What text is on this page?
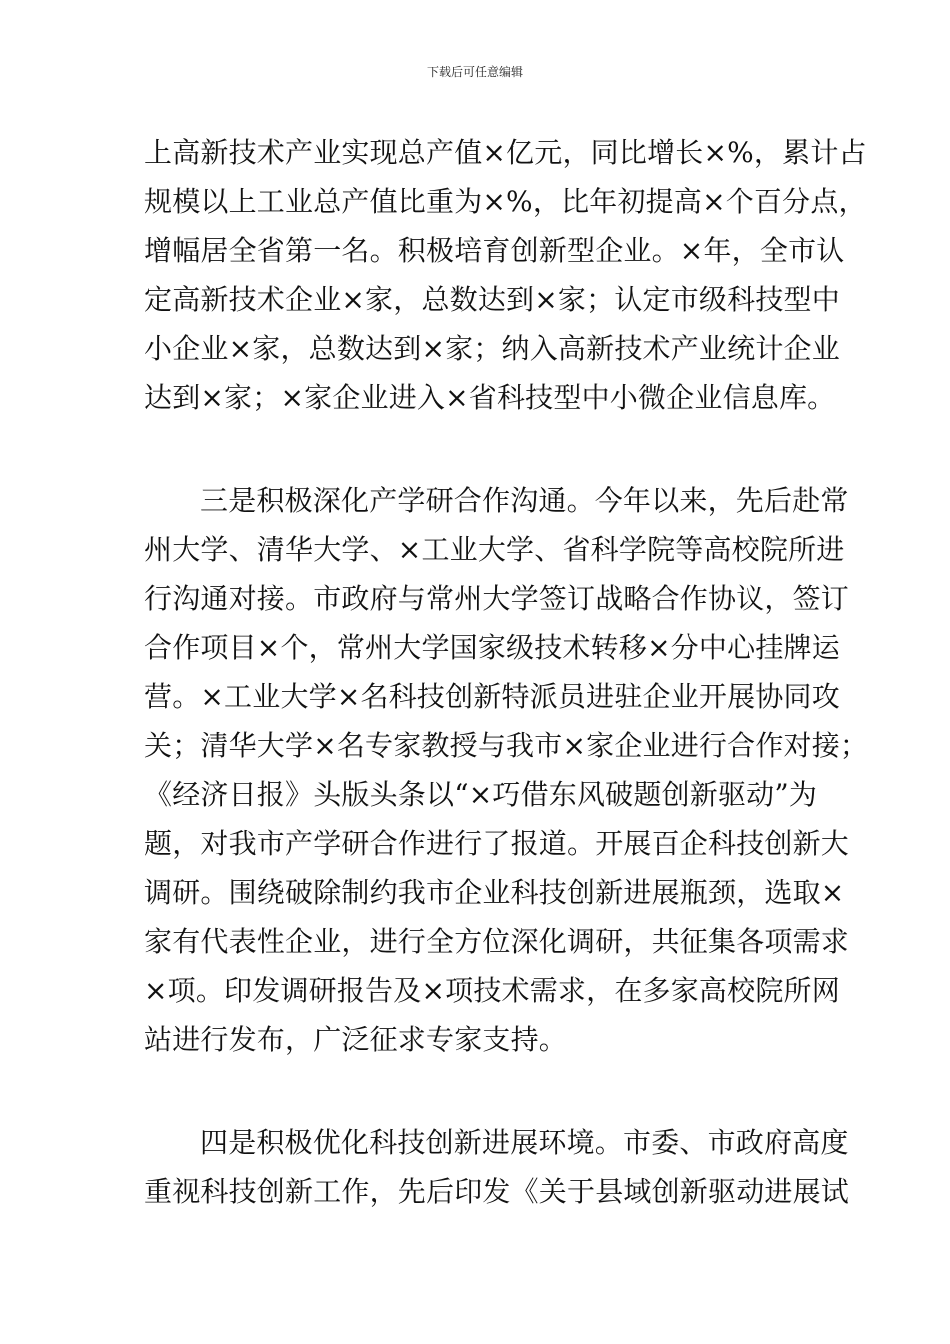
下载后可任意编辑

上高新技术产业实现总产值×亿元，同比增长×%，累计占
规模以上工业总产值比重为×%，比年初提高×个百分点，
增幅居全省第一名。积极培育创新型企业。×年，全市认
定高新技术企业×家，总数达到×家；认定市级科技型中
小企业×家，总数达到×家；纳入高新技术产业统计企业
达到×家；×家企业进入×省科技型中小微企业信息库。

三是积极深化产学研合作沟通。今年以来，先后赴常
州大学、清华大学、×工业大学、省科学院等高校院所进
行沟通对接。市政府与常州大学签订战略合作协议，签订
合作项目×个，常州大学国家级技术转移×分中心挂牌运
营。×工业大学×名科技创新特派员进驻企业开展协同攻
关；清华大学×名专家教授与我市×家企业进行合作对接；
《经济日报》头版头条以“×巧借东风破题创新驱动”为
题，对我市产学研合作进行了报道。开展百企科技创新大
调研。围绕破除制约我市企业科技创新进展瓶颈，选取×
家有代表性企业，进行全方位深化调研，共征集各项需求
×项。印发调研报告及×项技术需求，在多家高校院所网
站进行发布，广泛征求专家支持。

四是积极优化科技创新进展环境。市委、市政府高度
重视科技创新工作，先后印发《关于县域创新驱动进展试
